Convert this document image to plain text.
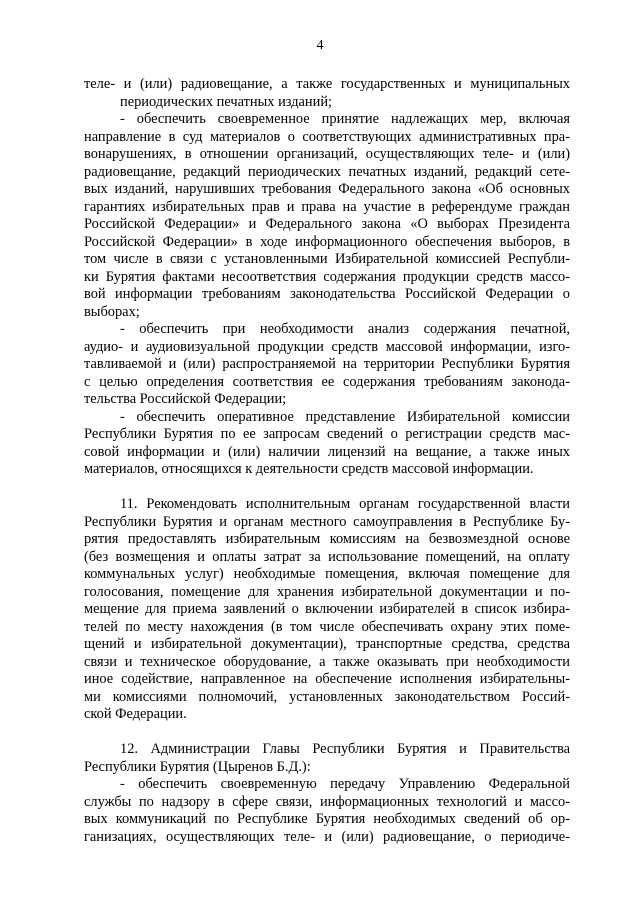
4
теле- и (или) радиовещание, а также государственных и муниципальных
периодических печатных изданий;
- обеспечить своевременное принятие надлежащих мер, включая
направление в суд материалов о соответствующих административных пра-
вонарушениях, в отношении организаций, осуществляющих теле- и (или)
радиовещание, редакций периодических печатных изданий, редакций сете-
вых изданий, нарушивших требования Федерального закона «Об основных
гарантиях избирательных прав и права на участие в референдуме граждан
Российской Федерации» и Федерального закона «О выборах Президента
Российской Федерации» в ходе информационного обеспечения выборов, в
том числе в связи с установленными Избирательной комиссией Республи-
ки Бурятия фактами несоответствия содержания продукции средств массо-
вой информации требованиям законодательства Российской Федерации о
выборах;
- обеспечить при необходимости анализ содержания печатной,
аудио- и аудиовизуальной продукции средств массовой информации, изго-
тавливаемой и (или) распространяемой на территории Республики Бурятия
с целью определения соответствия ее содержания требованиям законода-
тельства Российской Федерации;
- обеспечить оперативное представление Избирательной комиссии
Республики Бурятия по ее запросам сведений о регистрации средств мас-
совой информации и (или) наличии лицензий на вещание, а также иных
материалов, относящихся к деятельности средств массовой информации.
11. Рекомендовать исполнительным органам государственной власти
Республики Бурятия и органам местного самоуправления в Республике Бу-
рятия предоставлять избирательным комиссиям на безвозмездной основе
(без возмещения и оплаты затрат за использование помещений, на оплату
коммунальных услуг) необходимые помещения, включая помещение для
голосования, помещение для хранения избирательной документации и по-
мещение для приема заявлений о включении избирателей в список избира-
телей по месту нахождения (в том числе обеспечивать охрану этих поме-
щений и избирательной документации), транспортные средства, средства
связи и техническое оборудование, а также оказывать при необходимости
иное содействие, направленное на обеспечение исполнения избирательны-
ми комиссиями полномочий, установленных законодательством Россий-
ской Федерации.
12. Администрации Главы Республики Бурятия и Правительства
Республики Бурятия (Цыренов Б.Д.):
- обеспечить своевременную передачу Управлению Федеральной
службы по надзору в сфере связи, информационных технологий и массо-
вых коммуникаций по Республике Бурятия необходимых сведений об ор-
ганизациях, осуществляющих теле- и (или) радиовещание, о периодиче-
